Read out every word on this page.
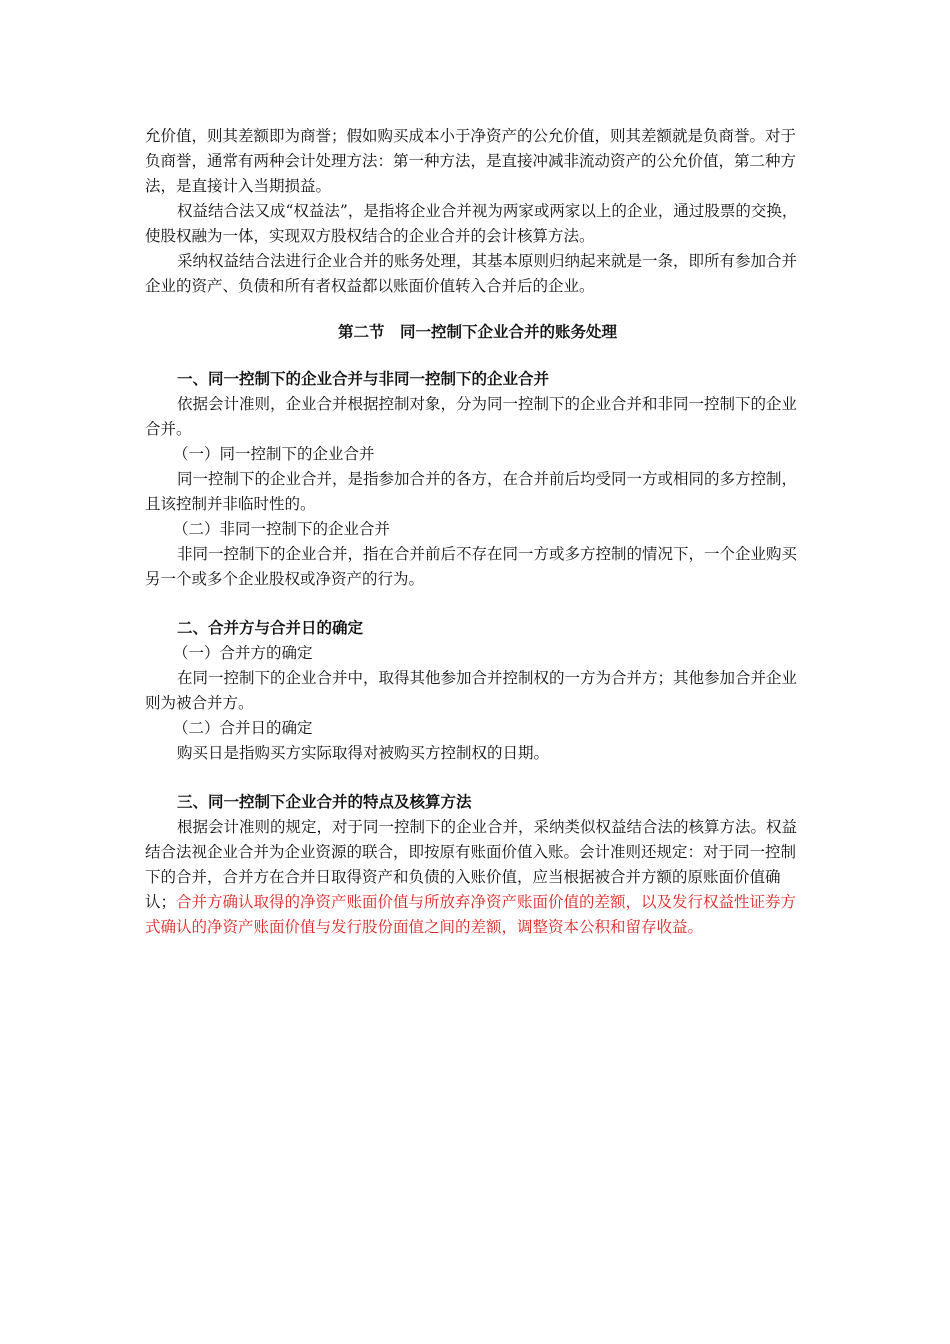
允价值，则其差额即为商誉；假如购买成本小于净资产的公允价值，则其差额就是负商誉。对于负商誉，通常有两种会计处理方法：第一种方法，是直接冲减非流动资产的公允价值，第二种方法，是直接计入当期损益。

权益结合法又成“权益法”，是指将企业合并视为两家或两家以上的企业，通过股票的交换，使股权融为一体，实现双方股权结合的企业合并的会计核算方法。

采纳权益结合法进行企业合并的账务处理，其基本原则归纳起来就是一条，即所有参加合并企业的资产、负债和所有者权益都以账面价值转入合并后的企业。

第二节　同一控制下企业合并的账务处理

一、同一控制下的企业合并与非同一控制下的企业合并

依据会计准则，企业合并根据控制对象，分为同一控制下的企业合并和非同一控制下的企业合并。

（一）同一控制下的企业合并

同一控制下的企业合并，是指参加合并的各方，在合并前后均受同一方或相同的多方控制，且该控制并非临时性的。

（二）非同一控制下的企业合并

非同一控制下的企业合并，指在合并前后不存在同一方或多方控制的情况下，一个企业购买另一个或多个企业股权或净资产的行为。

二、合并方与合并日的确定

（一）合并方的确定

在同一控制下的企业合并中，取得其他参加合并控制权的一方为合并方；其他参加合并企业则为被合并方。

（二）合并日的确定

购买日是指购买方实际取得对被购买方控制权的日期。

三、同一控制下企业合并的特点及核算方法

根据会计准则的规定，对于同一控制下的企业合并，采纳类似权益结合法的核算方法。权益结合法视企业合并为企业资源的联合，即按原有账面价值入账。会计准则还规定：对于同一控制下的合并，合并方在合并日取得资产和负债的入账价值，应当根据被合并方额的原账面价值确认；合并方确认取得的净资产账面价值与所放弃净资产账面价值的差额，以及发行权益性证券方式确认的净资产账面价值与发行股份面值之间的差额，调整资本公积和留存收益。
